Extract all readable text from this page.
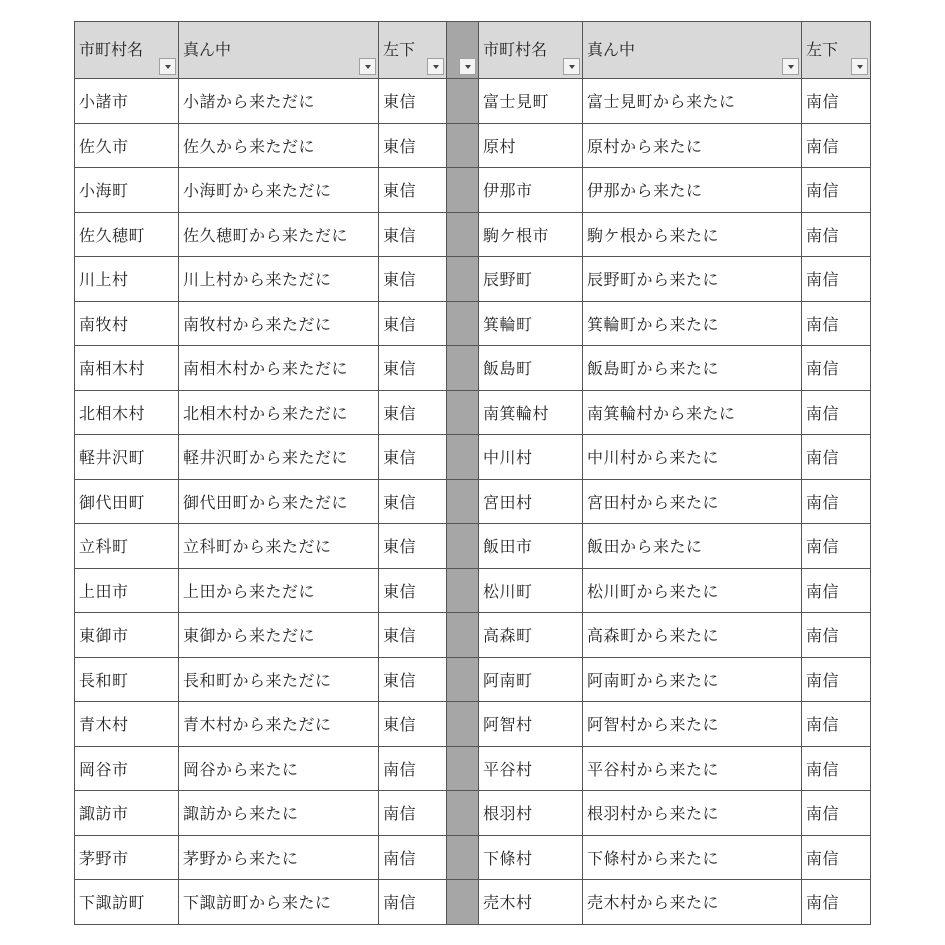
市町村名	真ん中	左下		市町村名	真ん中	左下

小諸市	小諸から来ただに	東信		富士見町	富士見町から来たに	南信
佐久市	佐久から来ただに	東信		原村	原村から来たに	南信
小海町	小海町から来ただに	東信		伊那市	伊那から来たに	南信
佐久穂町	佐久穂町から来ただに	東信		駒ケ根市	駒ケ根から来たに	南信
川上村	川上村から来ただに	東信		辰野町	辰野町から来たに	南信
南牧村	南牧村から来ただに	東信		箕輪町	箕輪町から来たに	南信
南相木村	南相木村から来ただに	東信		飯島町	飯島町から来たに	南信
北相木村	北相木村から来ただに	東信		南箕輪村	南箕輪村から来たに	南信
軽井沢町	軽井沢町から来ただに	東信		中川村	中川村から来たに	南信
御代田町	御代田町から来ただに	東信		宮田村	宮田村から来たに	南信
立科町	立科町から来ただに	東信		飯田市	飯田から来たに	南信
上田市	上田から来ただに	東信		松川町	松川町から来たに	南信
東御市	東御から来ただに	東信		高森町	高森町から来たに	南信
長和町	長和町から来ただに	東信		阿南町	阿南町から来たに	南信
青木村	青木村から来ただに	東信		阿智村	阿智村から来たに	南信
岡谷市	岡谷から来たに	南信		平谷村	平谷村から来たに	南信
諏訪市	諏訪から来たに	南信		根羽村	根羽村から来たに	南信
茅野市	茅野から来たに	南信		下條村	下條村から来たに	南信
下諏訪町	下諏訪町から来たに	南信		売木村	売木村から来たに	南信
